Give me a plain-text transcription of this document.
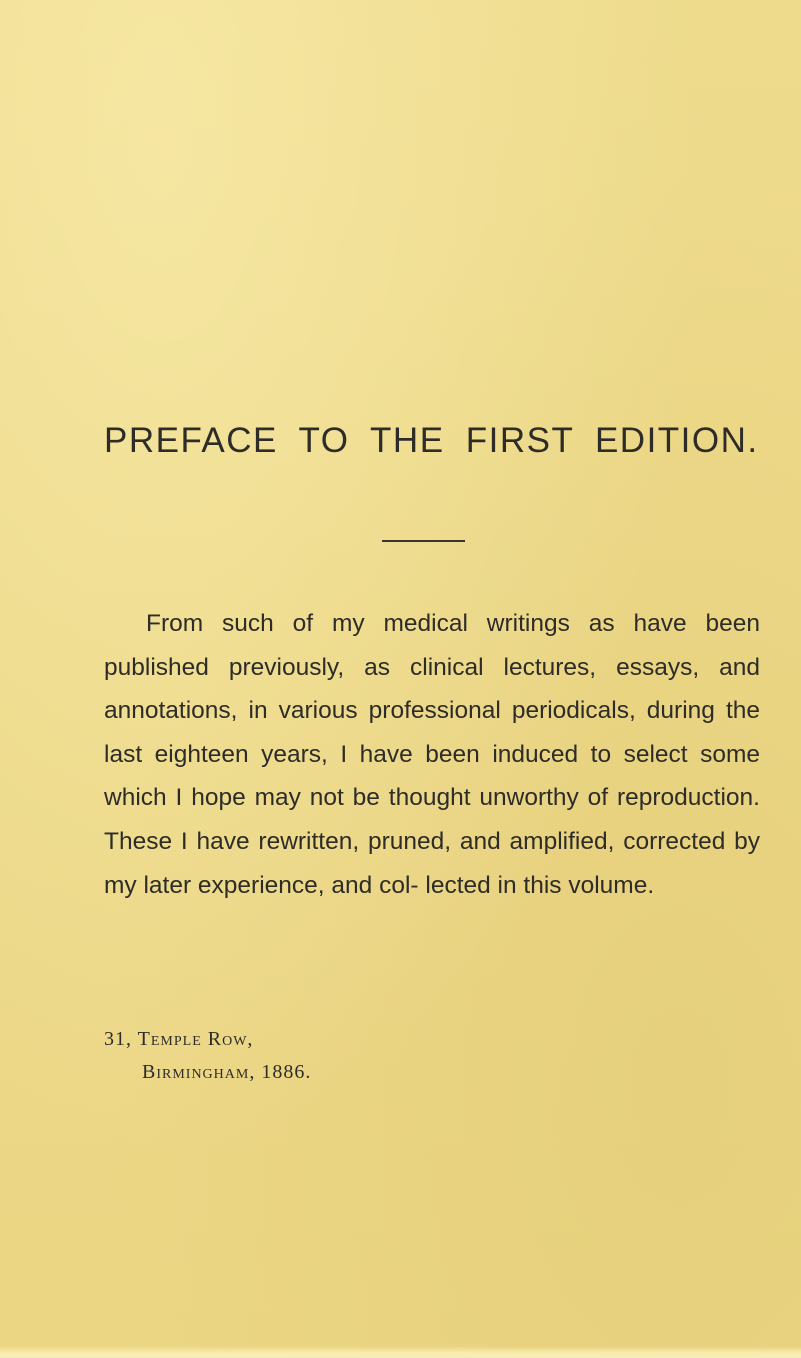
PREFACE TO THE FIRST EDITION.

From such of my medical writings as have been published previously, as clinical lectures, essays, and annotations, in various professional periodicals, during the last eighteen years, I have been induced to select some which I hope may not be thought unworthy of reproduction. These I have rewritten, pruned, and amplified, corrected by my later experience, and col- lected in this volume.

31, Temple Row,
Birmingham, 1886.
